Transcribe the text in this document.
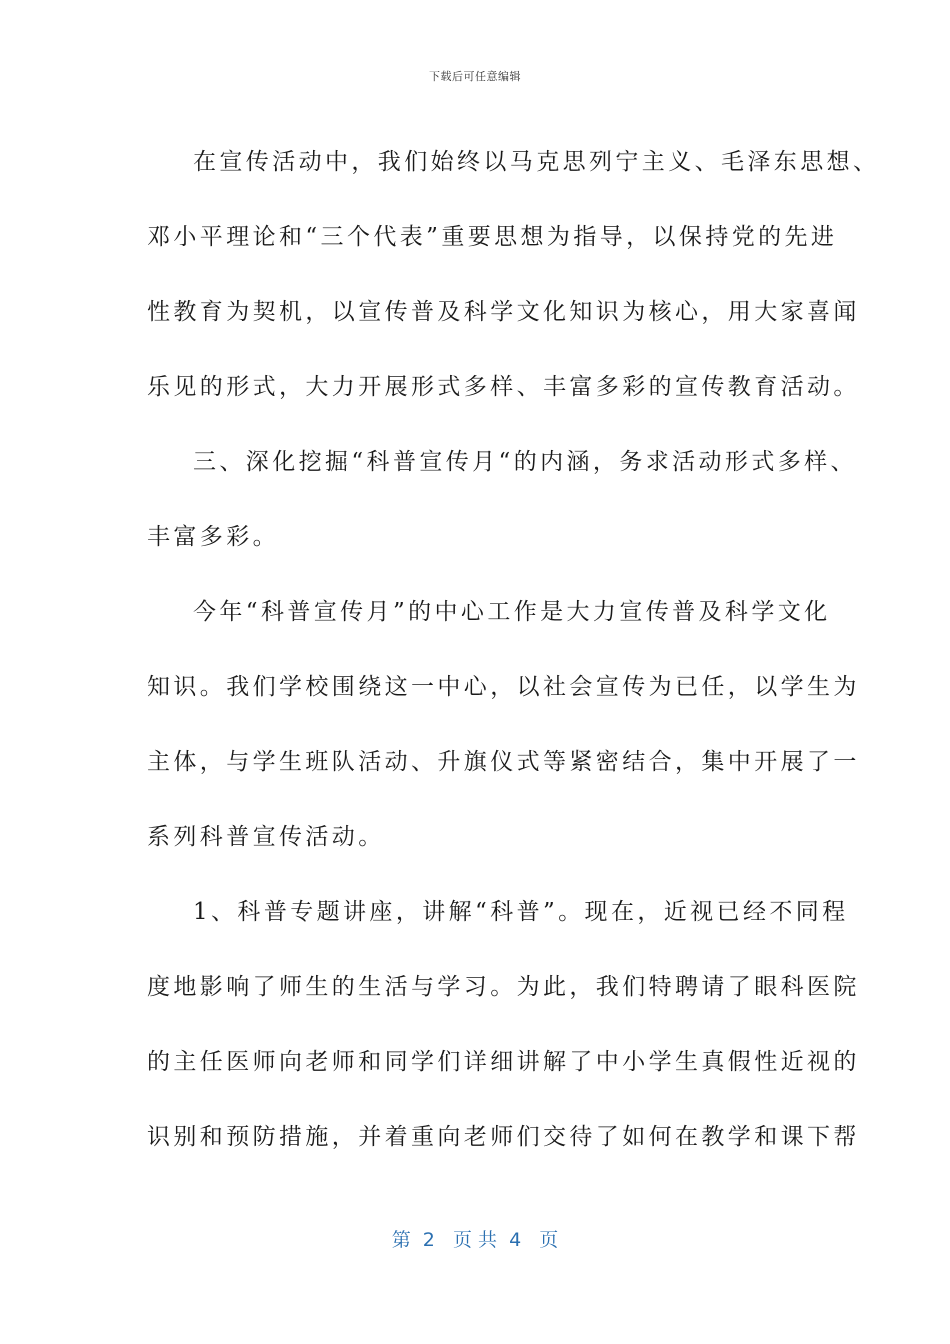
下载后可任意编辑
在宣传活动中，我们始终以马克思列宁主义、毛泽东思想、
邓小平理论和“三个代表”重要思想为指导，以保持党的先进
性教育为契机，以宣传普及科学文化知识为核心，用大家喜闻
乐见的形式，大力开展形式多样、丰富多彩的宣传教育活动。
三、深化挖掘“科普宣传月“的内涵，务求活动形式多样、
丰富多彩。
今年“科普宣传月”的中心工作是大力宣传普及科学文化
知识。我们学校围绕这一中心，以社会宣传为已任，以学生为
主体，与学生班队活动、升旗仪式等紧密结合，集中开展了一
系列科普宣传活动。
1、科普专题讲座，讲解“科普”。现在，近视已经不同程
度地影响了师生的生活与学习。为此，我们特聘请了眼科医院
的主任医师向老师和同学们详细讲解了中小学生真假性近视的
识别和预防措施，并着重向老师们交待了如何在教学和课下帮
第  2   页 共  4   页
